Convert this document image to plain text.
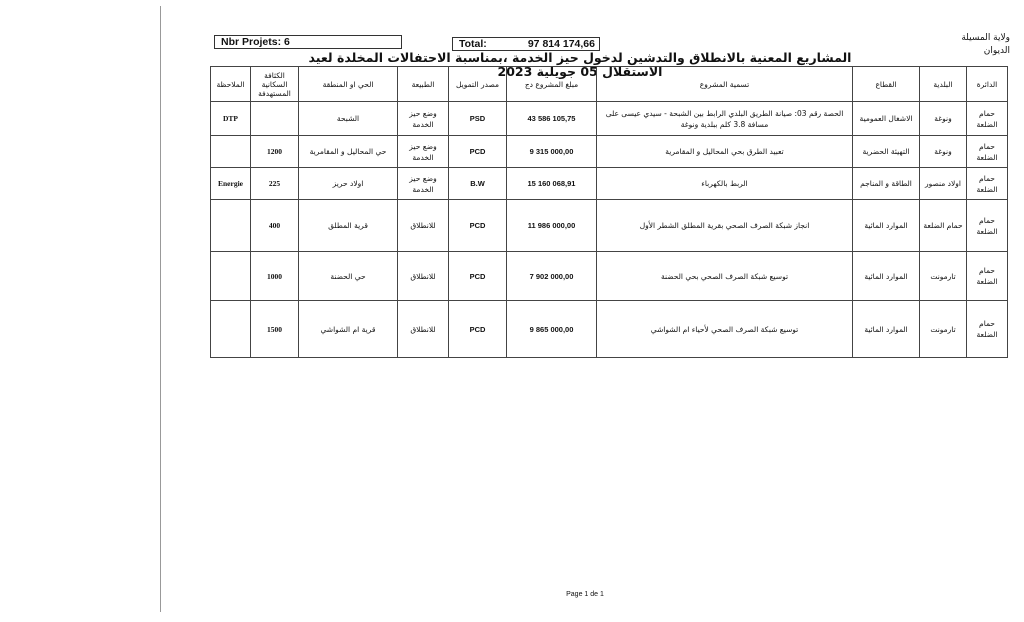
Nbr Projets: 6	Total:	97 814 174,66	ولاية المسيلة
الديوان
المشاريع المعنية بالانطلاق والتدشين لدخول حيز الخدمة ،بمناسبة الاحتفالات المخلدة لعيد الاستقلال 05 جويلية 2023
الدائرة	البلدية	القطاع	تسمية المشروع	مبلغ المشروع دج	مصدر التمويل	الطبيعة	الحي او المنطقة	الكثافة السكانية المستهدفة	الملاحظة
حمام الضلعة	ونوغة	الاشغال العمومية	الحصة رقم 03: صيانة الطريق البلدي الرابط بين الشبحة - سيدي عيسى على مسافة 3.8 كلم ببلدية ونوغة	43 586 105,75	PSD	وضع حيز الخدمة	الشبحة		DTP
حمام الضلعة	ونوغة	التهيئة الحضرية	تعبيد الطرق بحي المحاليل و المقامرية	9 315 000,00	PCD	وضع حيز الخدمة	حي المحاليل و المقامرية	1200	
حمام الضلعة	اولاد منصور	الطاقة و المناجم	الربط بالكهرباء	15 160 068,91	B.W	وضع حيز الخدمة	اولاد حريز	225	Energie
حمام الضلعة	حمام الضلعة	الموارد المائية	انجاز شبكة الصرف الصحي بقرية المطلق الشطر الأول	11 986 000,00	PCD	للانطلاق	قرية المطلق	400	
حمام الضلعة	تارمونت	الموارد المائية	توسيع شبكة الصرف الصحي بحي الحضنة	7 902 000,00	PCD	للانطلاق	حي الحضنة	1000	
حمام الضلعة	تارمونت	الموارد المائية	توسيع شبكة الصرف الصحي لأحياء ام الشواشي	9 865 000,00	PCD	للانطلاق	قرية ام الشواشي	1500	
Page 1 de 1
